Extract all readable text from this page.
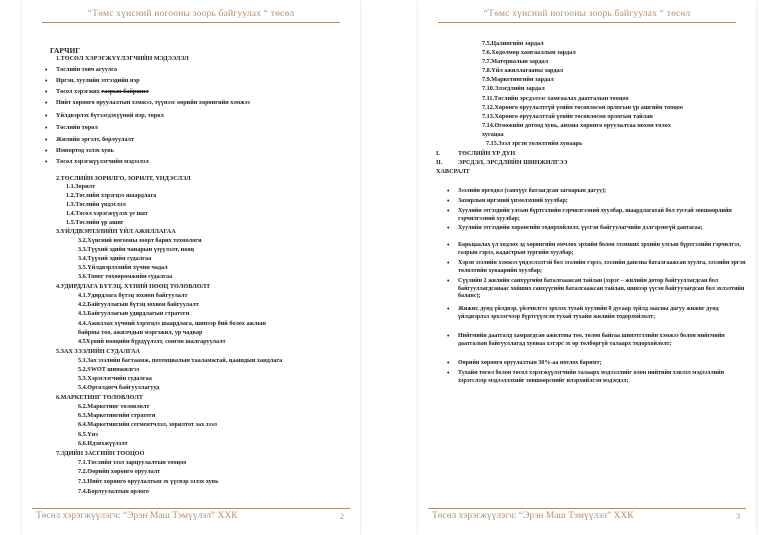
“Төмс хүнсний ногооны зоорь байгуулах “ төсөл
ГАРЧИГ
1.ТӨСӨЛ ХЭРЭГЖҮҮЛЭГЧИЙН МЭДЭЭЛЭЛ
• Төслийн товч агуулга
• Иргэн, хуулийн этгээдийн нэр
• Төсөл хэрэгжих газрын байршил
• Нийт хөрөнгө оруулалтын хэмжээ, түүнээс өөрийн хөрөнгийн хэмжээ
• Үйлдвэрлэх бүтээгдэхүүний нэр, төрөл
• Төслийн төрөл
• Жилийн эргэлт, борлуулалт
• Импортод эзлэх хувь
• Төсөл хэрэгжүүлэгчийн мэдээлэл
2.ТӨСЛИЙН ЗОРИЛГО, ЗОРИЛТ, ҮНДЭСЛЭЛ
1.1.Зорилт
1.2.Төслийн хэрэгцээ шаардлага
1.3.Төслийн үндэслэл
1.4.Төсөл хэрэгжүүлэх үе шат
1.5.Төслийн үр ашиг
3.ҮЙЛДВЭРЛЭЛИЙН ҮЙЛ АЖИЛЛАГАА
3.2.Хүнсний ногооны зоорт барих технологи
3.3.Түүхий эдийн чанарын үзүүлэлт, нөөц
3.4.Түүхий эдийн судалгаа
3.5.Үйлдвэрлэлийн хүчин чадал
3.6.Тоног төхөөрөмжийн судалгаа
4.УДИРДЛАГА БҮТЭЦ, ХҮНИЙ НӨӨЦ ТӨЛӨВЛӨЛТ
4.1.Удирдлага бүтэц зохион байгуулалт
4.2.Байгууллагын бүтэц зохион байгуулалт
4.3.Байгууллагын удирдлагын стратеги
4.4.Ажиллах хүчний хэрэгцээ шаардлага, шинээр бий болох ажлын
байрны тоо, ажилчдын мэргэжил, ур чадвар
4.5Хүний нөөцийн бүрдүүлэлт, сонгон шалгаруулалт
5.ЗАХ ЗЭЭЛИЙН СУДАЛГАА
5.1.Зах зээлийн багтаамж, потенциалын тааламжтай, цаашдын хандлага
5.2.SWOT шинжилгээ
5.3.Хэрэглэгчийн судалгаа
5.4.Өрсөлдөгч байгууллагууд
6.МАРКЕТИНГ ТӨЛӨВЛӨЛТ
6.2.Маркетинг төлөвлөлт
6.3.Маркетингийн стратеги
6.4.Маркетингийн сегментчлэл, зорилтот зах зээл
6.5.Үнэ
6.6.Идэвхжүүлэлт
7.ЭДИЙН ЗАСГИЙН ТООЦОО
7.1.Төслийн зээл зарцуулалтын тооцоо
7.2.Өөрийн хөрөнгө оруулалт
7.3.Нийт хөрөнгө оруулалтын эх үүсвэр эзлэх хувь
7.4.Борлуулалтын орлого
Төсөл хэрэгжүүлэгч: “Эрэн Маш Тэмүүлэл” ХХК	2
“Төмс хүнсний ногооны зоорь байгуулах “ төсөл
7.5.Цалингийн зардал
7.6.Хөдөлмөр хамгааллын зардал
7.7.Материалын зардал
7.8.Үйл ажиллагааны зардал
7.9.Маркетингийн зардал
7.10.Элэгдлийн зардал
7.11.Төслийн эрсдэлээс хамгаалах даатгалын тооцоо
7.12.Хөрөнгө оруулалтгүй үеийн төсөвлөсөн орлогын үр ашгийн тооцоо
7.13.Хөрөнгө оруулалттай үеийн төсөвлөсөн орлогын тайлан
7.14.Өгөөжийн дотоод хувь, анхны хөрөнгө оруулалтаа нөхөн төлөх
хугацаа
7.15.Зээл эргэн төлөлтийн хуваарь
I.	ТӨСЛИЙН ҮР ДҮН
II.	ЭРСДЭЛ, ЭРСДЛИЙН ШИНЖИЛГЭЭ
ХАВСРАЛТ
• Зээлийн өргөдөл (санхүүс батлагдсан загварын дагуу);
• Захирлын иргэний үнэмлэхний хуулбар;
• Хуулийн этгээдийн улсын бүртгэлийн гэрчилгээний хуулбар, шаардлагатай бол тусгай зөвшөөрлийн гэрчилгээний хуулбар;
• Хуулийн этгээдийн хөрөнгийн тодорхойлолт, үүсгэн байгуулагчийн дэлгэрэнгүй давтагаа;
• Барьцаалах үл хөдлөх эд хөрөнгийн өмчлөх эрхийн болон эзэмших эрхийн улсын бүртгэлийн гэрчилгээ, газрын гэрээ, кадастрын зургийн хуулбар;
• Хэрэв зээлийн хэмжээ үндэслэлтэй бол зээлийн гэрээ, зээлийн дансны баталгаажсан хуулга, зээлийн эргэн төлөлтийн хуваарийн хуулбар;
• Сүүлийн 2 жилийн санхүүгийн баталгаажсан тайлан (зэрэг – жилийн дотор байгууллагдсан бол байгууллагдсанаас хойших санхүүгийн баталгаажсан тайлан, шинээр үүсэн байгуулагдсан бол эхлэлтийн баланс);
• Жижиг, дунд үйлдвэр, үйлчилгээ эрхлэх тухай хуулийн 8 дугаар зүйлд заасны дагуу жижиг дунд үйлдвэрлэл эрхлэгчээр бүртгүүлсэн тухай тухайн жилийн тодорхойлолт;
• Нийгмийн даатгалд хамрагдсан ажилтны тоо, төлөв байгаа шинэтгэлийн хэмжээ болон нийгмийн даатгалын байгууллагад хувиаа хэтэрс эх өр төлбөргүй талаарх тодорхойлолт;
• Өөрийн хөрөнгө оруулалтын 30%-аа нотлох баримт;
• Тухайн төсөл болон төсөл хэрэгжүүлэгчийн талаарх мэдээллийг олон нийтийн хэвлэл мэдээллийн хэрэгслээр мэдээллэхийг зөвшөөрснийг илэрхийлсэн мэдэгдэл;
Төсөл хэрэгжүүлэгч: “Эрэн Маш Тэмүүлэл” ХХК	3
